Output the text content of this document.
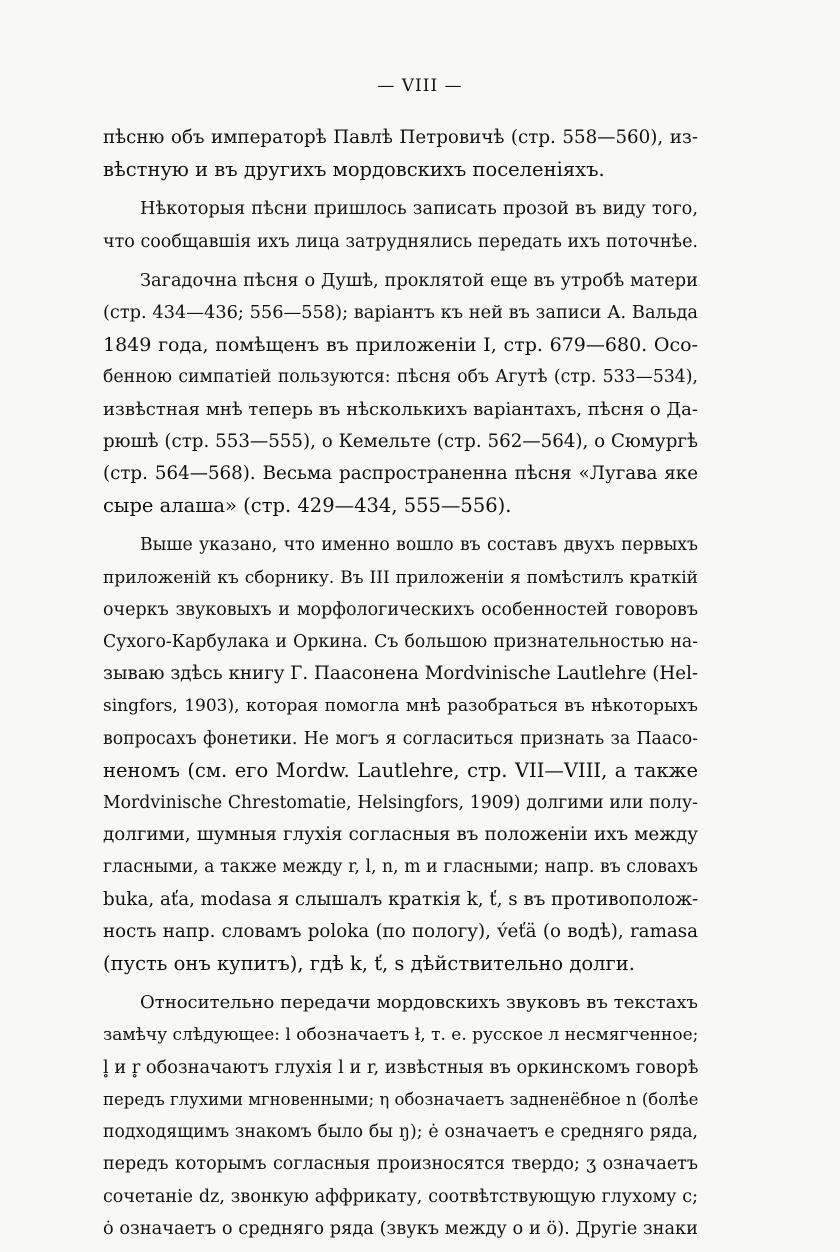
— VIII —

пѣсню объ императорѣ Павлѣ Петровичѣ (стр. 558—560), из-
вѣстную и въ другихъ мордовскихъ поселеніяхъ.

Нѣкоторыя пѣсни пришлось записать прозой въ виду того,
что сообщавшія ихъ лица затруднялись передать ихъ поточнѣе.

Загадочна пѣсня о Душѣ, проклятой еще въ утробѣ матери
(стр. 434—436; 556—558); варіантъ къ ней въ записи А. Вальда
1849 года, помѣщенъ въ приложеніи I, стр. 679—680. Осо-
бенною симпатіей пользуются: пѣсня объ Агутѣ (стр. 533—534),
извѣстная мнѣ теперь въ нѣсколькихъ варіантахъ, пѣсня о Да-
рюшѣ (стр. 553—555), о Кемельте (стр. 562—564), о Сюмургѣ
(стр. 564—568). Весьма распространенна пѣсня «Лугава яке
сыре алаша» (стр. 429—434, 555—556).

Выше указано, что именно вошло въ составъ двухъ первыхъ
приложеній къ сборнику. Въ III приложеніи я помѣстилъ краткій
очеркъ звуковыхъ и морфологическихъ особенностей говоровъ
Сухого-Карбулака и Оркина. Съ большою признательностью на-
зываю здѣсь книгу Г. Паасонена Mordvinische Lautlehre (Hel-
singfors, 1903), которая помогла мнѣ разобраться въ нѣкоторыхъ
вопросахъ фонетики. Не могъ я согласиться признать за Паасо-
неномъ (см. его Mordw. Lautlehre, стр. VII—VIII, а также
Mordvinische Chrestomatie, Helsingfors, 1909) долгими или полу-
долгими, шумныя глухія согласныя въ положеніи ихъ между
гласными, а также между r, l, n, m и гласными; напр. въ словахъ
buka, aťa, modasa я слышалъ краткія k, ť, s въ противополож-
ность напр. словамъ poloka (по пологу), v́eťä (о водѣ), ramasa
(пусть онъ купитъ), гдѣ k, ť, s дѣйствительно долги.

Относительно передачи мордовскихъ звуковъ въ текстахъ
замѣчу слѣдующее: l обозначаетъ ł, т. е. русское л несмягченное;
l̥ и r̥ обозначаютъ глухія l и r, извѣстныя въ оркинскомъ говорѣ
передъ глухими мгновенными; η обозначаетъ задненёбное n (болѣе
подходящимъ знакомъ было бы ŋ); ė означаетъ е средняго ряда,
передъ которымъ согласныя произносятся твердо; ʒ означаетъ
сочетаніе dz, звонкую аффрикату, соотвѣтствующую глухому c;
ȯ означаетъ о средняго ряда (звукъ между о и ö). Другіе знаки
